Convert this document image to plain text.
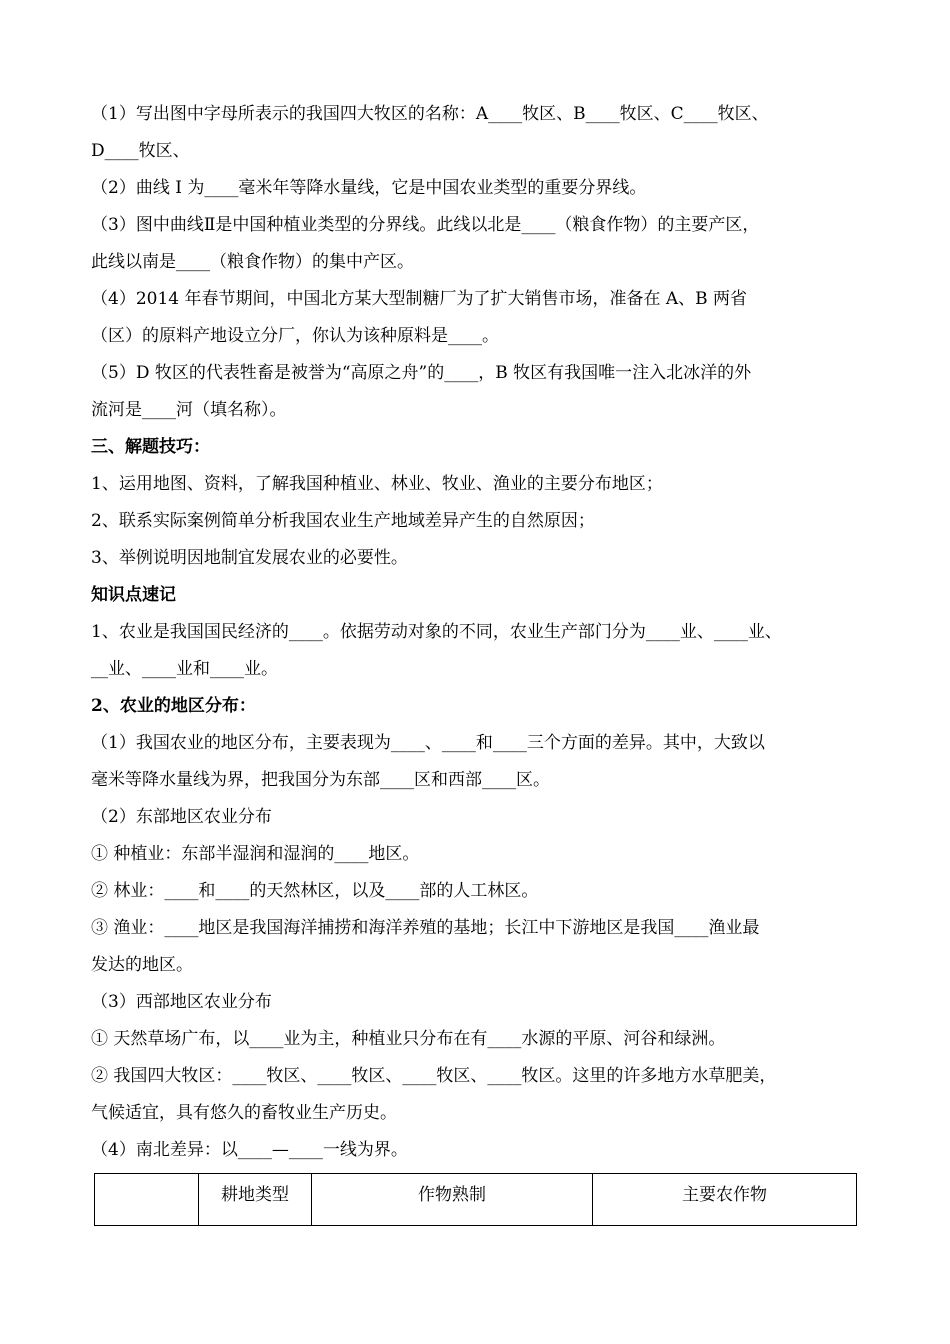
（1）写出图中字母所表示的我国四大牧区的名称：A____牧区、B____牧区、C____牧区、
D____牧区、
（2）曲线 I 为____毫米年等降水量线，它是中国农业类型的重要分界线。
（3）图中曲线Ⅱ是中国种植业类型的分界线。此线以北是____（粮食作物）的主要产区，
此线以南是____（粮食作物）的集中产区。
（4）2014 年春节期间，中国北方某大型制糖厂为了扩大销售市场，准备在 A、B 两省
（区）的原料产地设立分厂，你认为该种原料是____。
（5）D 牧区的代表牲畜是被誉为“高原之舟”的____，B 牧区有我国唯一注入北冰洋的外
流河是____河（填名称）。
三、解题技巧：
1、运用地图、资料，了解我国种植业、林业、牧业、渔业的主要分布地区；
2、联系实际案例简单分析我国农业生产地域差异产生的自然原因；
3、举例说明因地制宜发展农业的必要性。
知识点速记
1、农业是我国国民经济的____。依据劳动对象的不同，农业生产部门分为____业、____业、
__业、____业和____业。
2、农业的地区分布：
（1）我国农业的地区分布，主要表现为____、____和____三个方面的差异。其中，大致以
毫米等降水量线为界，把我国分为东部____区和西部____区。
（2）东部地区农业分布
① 种植业：东部半湿润和湿润的____地区。
② 林业：____和____的天然林区，以及____部的人工林区。
③ 渔业：____地区是我国海洋捕捞和海洋养殖的基地；长江中下游地区是我国____渔业最
发达的地区。
（3）西部地区农业分布
① 天然草场广布，以____业为主，种植业只分布在有____水源的平原、河谷和绿洲。
② 我国四大牧区：____牧区、____牧区、____牧区、____牧区。这里的许多地方水草肥美，
气候适宜，具有悠久的畜牧业生产历史。
（4）南北差异：以____—____一线为界。
	耕地类型	作物熟制	主要农作物
